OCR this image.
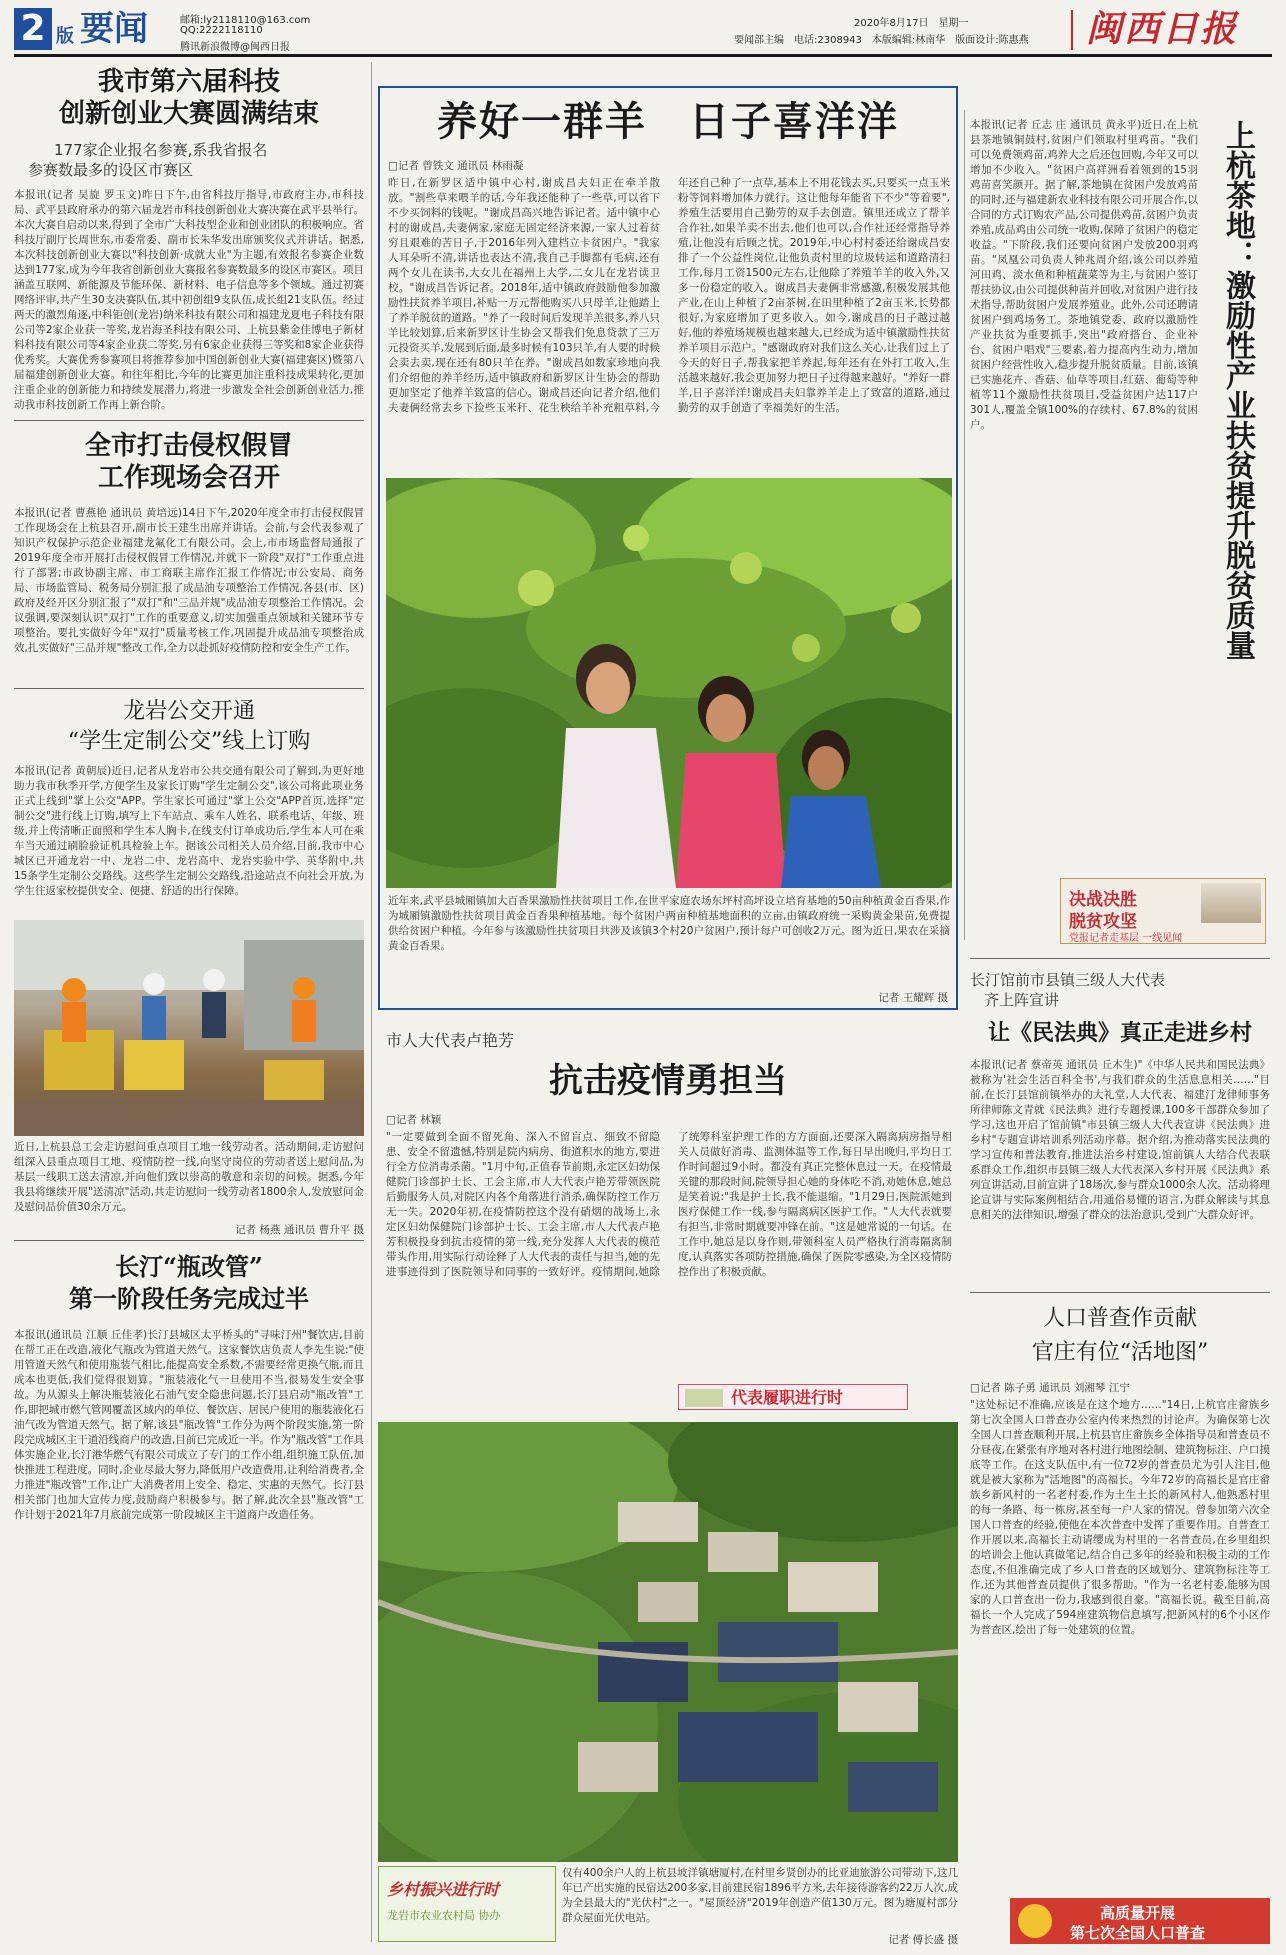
2 版 要闻	邮箱:ly2118110@163.com
QQ:2222118110
腾讯新浪微博@闽西日报
2020年8月17日　星期一
要闻部主编　电话:2308943　本版编辑:林南华　版面设计:陈惠燕 闽西日报
我市第六届科技
创新创业大赛圆满结束
177家企业报名参赛,系我省报名
参赛数最多的设区市赛区
本报讯(记者 吴旋 罗玉文)昨日下午,由省科技厅指导,市政府主办,市科技局、武平县政府承办的第六届龙岩市科技创新创业大赛决赛在武平县举行。本次大赛自启动以来,得到了全市广大科技型企业和创业团队的积极响应。省科技厅副厅长周世东,市委常委、副市长朱华发出席颁奖仪式并讲话。据悉,本次科技创新创业大赛以"科技创新·成就大业"为主题,有效报名参赛企业数达到177家,成为今年我省创新创业大赛报名参赛数最多的设区市赛区。项目涵盖互联网、新能源及节能环保、新材料、电子信息等多个领域。通过初赛网络评审,共产生30支决赛队伍,其中初创组9支队伍,成长组21支队伍。经过两天的激烈角逐,中科钜创(龙岩)纳米科技有限公司和福建龙夏电子科技有限公司等2家企业获一等奖,龙岩海圣科技有限公司、上杭县紫金佳博电子新材料科技有限公司等4家企业获二等奖,另有6家企业获得三等奖和8家企业获得优秀奖。大赛优秀参赛项目将推荐参加中国创新创业大赛(福建赛区)暨第八届福建创新创业大赛。和往年相比,今年的比赛更加注重科技成果转化,更加注重企业的创新能力和持续发展潜力,将进一步激发全社会创新创业活力,推动我市科技创新工作再上新台阶。
全市打击侵权假冒
工作现场会召开
本报讯(记者 曹燕艳 通讯员 黄培远)14日下午,2020年度全市打击侵权假冒工作现场会在上杭县召开,副市长王建生出席并讲话。会前,与会代表参观了知识产权保护示范企业福建龙氟化工有限公司。会上,市市场监督局通报了2019年度全市开展打击侵权假冒工作情况,并就下一阶段"双打"工作重点进行了部署;市政协副主席、市工商联主席作汇报工作情况;市公安局、商务局、市场监管局、税务局分别汇报了成品油专项整治工作情况,各县(市、区)政府及经开区分别汇报了"双打"和"三品并规"成品油专项整治工作情况。会议强调,要深刻认识"双打"工作的重要意义,切实加强重点领域和关键环节专项整治。要扎实做好今年"双打"质量考核工作,巩固提升成品油专项整治成效,扎实做好"三品并规"整改工作,全力以赴抓好疫情防控和安全生产工作。
龙岩公交开通
“学生定制公交”线上订购
本报讯(记者 黄朝辰)近日,记者从龙岩市公共交通有限公司了解到,为更好地助力我市秋季开学,方便学生及家长订购"学生定制公交",该公司将此项业务正式上线到"掌上公交"APP。学生家长可通过"掌上公交"APP首页,选择"定制公交"进行线上订购,填写上下车站点、乘车人姓名、联系电话、年级、班级,并上传清晰正面照和学生本人胸卡,在线支付订单成功后,学生本人可在乘车当天通过刷脸验证机具检验上车。据该公司相关人员介绍,目前,我市中心城区已开通龙岩一中、龙岩二中、龙岩高中、龙岩实验中学、英华附中,共15条学生定制公交路线。这些学生定制公交路线,沿途站点不向社会开放,为学生往返家校提供安全、便捷、舒适的出行保障。
近日,上杭县总工会走访慰问重点项目工地一线劳动者。活动期间,走访慰问组深入县重点项目工地、疫情防控一线,向坚守岗位的劳动者送上慰问品,为基层一线职工送去清凉,并向他们致以崇高的敬意和亲切的问候。据悉,今年我县将继续开展"送清凉"活动,共走访慰问一线劳动者1800余人,发放慰问金及慰问品价值30余万元。
记者 杨燕 通讯员 曹升平 摄
长汀“瓶改管”
第一阶段任务完成过半
本报讯(通讯员 江顺 丘佳孝)长汀县城区太平桥头的"寻味汀州"餐饮店,目前在帮工正在改造,液化气瓶改为管道天然气。这家餐饮店负责人李先生说:"使用管道天然气和使用瓶装气相比,能提高安全系数,不需要经常更换气瓶,而且成本也更低,我们觉得很划算。"瓶装液化气一旦使用不当,很易发生安全事故。为从源头上解决瓶装液化石油气安全隐患问题,长汀县启动"瓶改管"工作,即把城市燃气管网覆盖区域内的单位、餐饮店、居民户使用的瓶装液化石油气改为管道天然气。据了解,该县"瓶改管"工作分为两个阶段实施,第一阶段完成城区主干道沿线商户的改造,目前已完成近一半。作为"瓶改管"工作具体实施企业,长汀港华燃气有限公司成立了专门的工作小组,组织施工队伍,加快推进工程进度。同时,企业尽最大努力,降低用户改造费用,让利给消费者,全力推进"瓶改管"工作,让广大消费者用上安全、稳定、实惠的天然气。长汀县相关部门也加大宣传力度,鼓励商户积极参与。据了解,此次全县"瓶改管"工作计划于2021年7月底前完成第一阶段城区主干道商户改造任务。
养好一群羊　日子喜洋洋
□记者 曾铁文 通讯员 林雨凝
昨日,在新罗区适中镇中心村,谢成昌夫妇正在牵羊散放。"割些草来喂羊的话,今年我还能种了一些草,可以省下不少买饲料的钱呢。"谢成昌高兴地告诉记者。适中镇中心村的谢成昌,夫妻俩家,家庭无固定经济来源,一家人过着贫穷且艰难的苦日子,于2016年列入建档立卡贫困户。"我家人耳朵听不清,讲话也表达不清,我自己手脚都有毛病,还有两个女儿在读书,大女儿在福州上大学,二女儿在龙岩读卫校。"谢成昌告诉记者。2018年,适中镇政府鼓励他参加激励性扶贫养羊项目,补贴一万元帮他购买八只母羊,让他踏上了养羊脱贫的道路。"养了一段时间后发现羊羔很多,养八只羊比较划算,后来新罗区计生协会又帮我们免息贷款了三万元投资买羊,发展到后面,最多时候有103只羊,有人要的时候会卖去卖,现在还有80只羊在养。"谢成昌如数家珍地向我们介绍他的养羊经历,适中镇政府和新罗区计生协会的帮助更加坚定了他养羊致富的信心。谢成昌还向记者介绍,他们夫妻俩经常去乡下捡些玉米秆、花生秧给羊补充粗草料,今年还自己种了一点草,基本上不用花钱去买,只要买一点玉米粉等饲料增加体力就行。这让他每年能省下不少"等着要",养殖生活要用自己勤劳的双手去创造。镇里还成立了帮羊合作社,如果羊卖不出去,他们也可以,合作社还经常指导养殖,让他没有后顾之忧。2019年,中心村村委还给谢成昌安排了一个公益性岗位,让他负责村里的垃圾转运和道路清扫工作,每月工资1500元左右,让他除了养殖羊羊的收入外,又多一份稳定的收入。谢成昌夫妻俩非常感激,积极发展其他产业,在山上种植了2亩茶树,在田里种植了2亩玉米,长势都很好,为家庭增加了更多收入。如今,谢成昌的日子越过越好,他的养殖场规模也越来越大,已经成为适中镇激励性扶贫养羊项目示范户。"感谢政府对我们这么关心,让我们过上了今天的好日子,帮我家把羊养起,每年还有在外打工收入,生活越来越好,我会更加努力把日子过得越来越好。"养好一群羊,日子喜洋洋!谢成昌夫妇靠养羊走上了致富的道路,通过勤劳的双手创造了幸福美好的生活。
近年来,武平县城厢镇加大百香果激励性扶贫项目工作,在世平家庭农场东坪村高坪设立培育基地的50亩种植黄金百香果,作为城厢镇激励性扶贫项目黄金百香果种植基地。每个贫困户两亩种植基地面积的立亩,由镇政府统一采购黄金果苗,免费提供给贫困户种植。今年参与该激励性扶贫项目共涉及该镇3个村20户贫困户,预计每户可创收2万元。图为近日,果农在采摘黄金百香果。
记者 王耀辉 摄
市人大代表卢艳芳
抗击疫情勇担当
□记者 林颖
"一定要做到全面不留死角、深入不留盲点、细致不留隐患、安全不留遗憾,特别是院内病房、街道积水的地方,要进行全方位消毒杀菌。"1月中旬,正值春节前期,永定区妇幼保健院门诊部护士长、工会主席,市人大代表卢艳芳带领医院后勤服务人员,对院区内各个角落进行消杀,确保防控工作万无一失。2020年初,在疫情防控这个没有硝烟的战场上,永定区妇幼保健院门诊部护士长、工会主席,市人大代表卢艳芳积极投身到抗击疫情的第一线,充分发挥人大代表的模范带头作用,用实际行动诠释了人大代表的责任与担当,她的先进事迹得到了医院领导和同事的一致好评。疫情期间,她除了统筹科室护理工作的方方面面,还要深入隔离病房指导相关人员做好消毒、监测体温等工作,每日早出晚归,平均日工作时间超过9小时。都没有真正完整休息过一天。在疫情最关键的那段时间,院领导担心她的身体吃不消,劝她休息,她总是笑着说:"我是护士长,我不能退缩。"1月29日,医院派她到医疗保健工作一线,参与隔离病区医护工作。"人大代表就要有担当,非常时期就要冲锋在前。"这是她常说的一句话。在工作中,她总是以身作则,带领科室人员严格执行消毒隔离制度,认真落实各项防控措施,确保了医院零感染,为全区疫情防控作出了积极贡献。
代表履职进行时
乡村振兴进行时
龙岩市农业农村局 协办
仅有400余户人的上杭县坡洋镇塘厦村,在村里乡贤创办的比亚迪旅游公司带动下,这几年已产出实施的民宿达200多家,目前建民宿1896平方米,去年接待游客约22万人次,成为全县最大的"光伏村"之一。"屋顶经济"2019年创造产值130万元。图为塘厦村部分群众屋面光伏电站。
记者 傅长盛 摄
本报讯(记者 丘志 庄 通讯员 黄永平)近日,在上杭县茶地镇铜鼓村,贫困户们领取村里鸡苗。"我们可以免费领鸡苗,鸡养大之后还包回购,今年又可以增加不少收入。"贫困户高祥洲看着领到的15羽鸡苗喜笑颜开。据了解,茶地镇在贫困户发放鸡苗的同时,还与福建新农业科技有限公司开展合作,以合同的方式订购农产品,公司提供鸡苗,贫困户负责养殖,成品鸡由公司统一收购,保障了贫困户的稳定收益。"下阶段,我们还要向贫困户发放200羽鸡苗。"凤凰公司负责人钟兆周介绍,该公司以养殖河田鸡、淡水鱼和种植蔬菜等为主,与贫困户签订帮扶协议,由公司提供种苗并回收,对贫困户进行技术指导,帮助贫困户发展养殖业。此外,公司还聘请贫困户到鸡场务工。茶地镇党委、政府以激励性产业扶贫为重要抓手,突出"政府搭台、企业补台、贫困户唱戏"三要素,着力提高内生动力,增加贫困户经营性收入,稳步提升脱贫质量。目前,该镇已实施花卉、香菇、仙草等项目,红菇、葡萄等种植等11个激励性扶贫项目,受益贫困户达117户301人,覆盖全镇100%的存续村、67.8%的贫困户。	上杭茶地：激励性产业扶贫提升脱贫质量
决战决胜
脱贫攻坚
党报记者走基层 一线见闻
长汀馆前市县镇三级人大代表
齐上阵宣讲
让《民法典》真正走进乡村
本报讯(记者 蔡帝英 通讯员 丘木生)"《中华人民共和国民法典》被称为'社会生活百科全书',与我们群众的生活息息相关……"目前,在长汀县馆前镇举办的大礼堂,人大代表、福建汀龙律师事务所律师陈文青就《民法典》进行专题授课,100多干部群众参加了学习,这也开启了馆前镇"市县镇三级人大代表宣讲《民法典》进乡村"专题宣讲培训系列活动序幕。据介绍,为推动落实民法典的学习宣传和普法教育,推进法治乡村建设,馆前镇人大结合代表联系群众工作,组织市县镇三级人大代表深入乡村开展《民法典》系列宣讲活动,目前宣讲了18场次,参与群众1000余人次。活动将理论宣讲与实际案例相结合,用通俗易懂的语言,为群众解读与其息息相关的法律知识,增强了群众的法治意识,受到广大群众好评。
人口普查作贡献
官庄有位“活地图”
□记者 陈子勇 通讯员 刘湘琴 江宁
"这处标记不准确,应该是在这个地方……"14日,上杭官庄畲族乡第七次全国人口普查办公室内传来热烈的讨论声。为确保第七次全国人口普查顺利开展,上杭县官庄畲族乡全体指导员和普查员不分昼夜,在紧张有序地对各村进行地图绘制、建筑物标注、户口摸底等工作。在这支队伍中,有一位72岁的普查员尤为引人注目,他就是被大家称为"活地图"的高福长。今年72岁的高福长是官庄畲族乡新风村的一名老村委,作为土生土长的新风村人,他熟悉村里的每一条路、每一栋房,甚至每一户人家的情况。曾参加第六次全国人口普查的经验,使他在本次普查中发挥了重要作用。自普查工作开展以来,高福长主动请缨成为村里的一名普查员,在乡里组织的培训会上他认真做笔记,结合自己多年的经验和积极主动的工作态度,不但准确完成了乡人口普查的区域划分、建筑物标注等工作,还为其他普查员提供了很多帮助。"作为一名老村委,能够为国家的人口普查出一份力,我感到很自豪。"高福长说。截至目前,高福长一个人完成了594座建筑物信息填写,把新风村的6个小区作为普查区,绘出了每一处建筑的位置。
高质量开展
第七次全国人口普查
